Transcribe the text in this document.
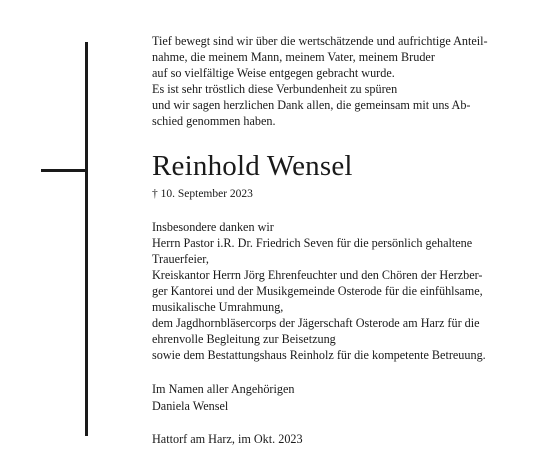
Tief bewegt sind wir über die wertschätzende und aufrichtige Anteil-
nahme, die meinem Mann, meinem Vater, meinem Bruder
auf so vielfältige Weise entgegen gebracht wurde.
Es ist sehr tröstlich diese Verbundenheit zu spüren
und wir sagen herzlichen Dank allen, die gemeinsam mit uns Ab-
schied genommen haben.

Reinhold Wensel
† 10. September 2023

Insbesondere danken wir
Herrn Pastor i.R. Dr. Friedrich Seven für die persönlich gehaltene
Trauerfeier,
Kreiskantor Herrn Jörg Ehrenfeuchter und den Chören der Herzber-
ger Kantorei und der Musikgemeinde Osterode für die einfühlsame,
musikalische Umrahmung,
dem Jagdhornbläsercorps der Jägerschaft Osterode am Harz für die
ehrenvolle Begleitung zur Beisetzung
sowie dem Bestattungshaus Reinholz für die kompetente Betreuung.

Im Namen aller Angehörigen
Daniela Wensel

Hattorf am Harz, im Okt. 2023
